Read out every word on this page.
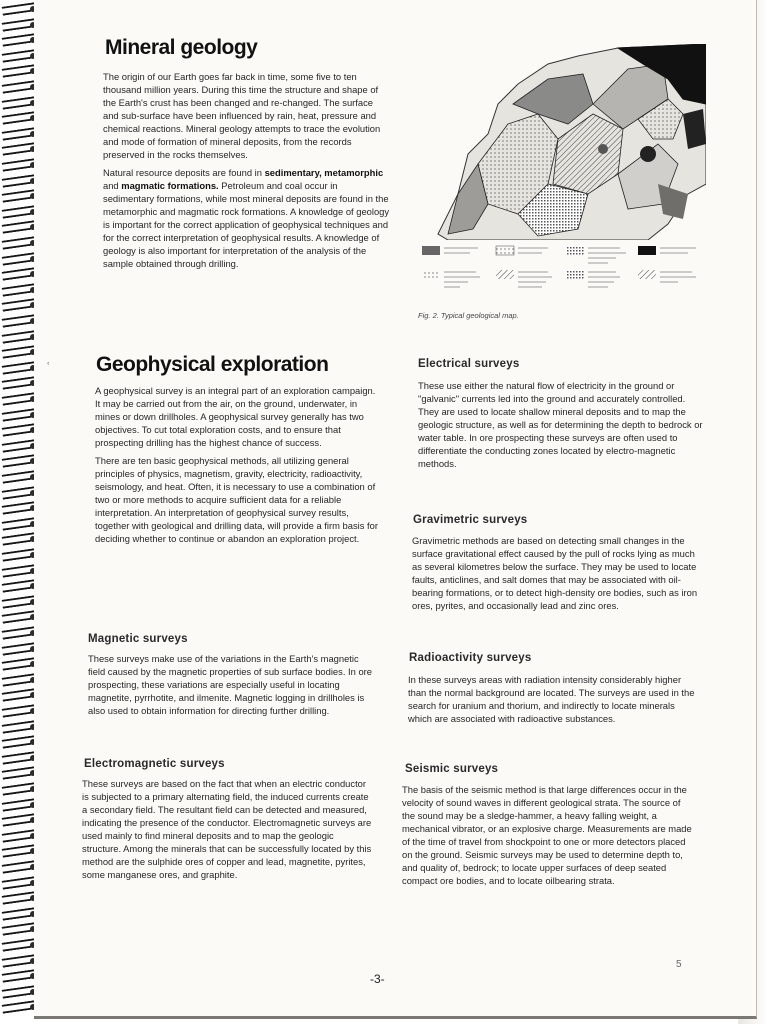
Mineral geology

The origin of our Earth goes far back in time, some five to ten thousand million years. During this time the structure and shape of the Earth's crust has been changed and re-changed. The surface and sub-surface have been influenced by rain, heat, pressure and chemical reactions. Mineral geology attempts to trace the evolution and mode of formation of mineral deposits, from the records preserved in the rocks themselves.

Natural resource deposits are found in sedimentary, metamorphic and magmatic formations. Petroleum and coal occur in sedimentary formations, while most mineral deposits are found in the metamorphic and magmatic rock formations. A knowledge of geology is important for the correct application of geophysical techniques and for the correct interpretation of geophysical results. A knowledge of geology is also important for interpretation of the analysis of the sample obtained through drilling.

Fig. 2. Typical geological map.
ʿ Geophysical exploration

A geophysical survey is an integral part of an exploration campaign. It may be carried out from the air, on the ground, underwater, in mines or down drillholes. A geophysical survey generally has two objectives. To cut total exploration costs, and to ensure that prospecting drilling has the highest chance of success.

There are ten basic geophysical methods, all utilizing general principles of physics, magnetism, gravity, electricity, radioactivity, seismology, and heat. Often, it is necessary to use a combination of two or more methods to acquire sufficient data for a reliable interpretation. An interpretation of geophysical survey results, together with geological and drilling data, will provide a firm basis for deciding whether to continue or abandon an exploration project.

Magnetic surveys
These surveys make use of the variations in the Earth's magnetic field caused by the magnetic properties of sub surface bodies. In ore prospecting, these variations are especially useful in locating magnetite, pyrrhotite, and ilmenite. Magnetic logging in drillholes is also used to obtain information for directing further drilling.
Electromagnetic surveys
These surveys are based on the fact that when an electric conductor is subjected to a primary alternating field, the induced currents create a secondary field. The resultant field can be detected and measured, indicating the presence of the conductor. Electromagnetic surveys are used mainly to find mineral deposits and to map the geologic structure. Among the minerals that can be successfully located by this method are the sulphide ores of copper and lead, magnetite, pyrites, some manganese ores, and graphite.
Electrical surveys
These use either the natural flow of electricity in the ground or "galvanic" currents led into the ground and accurately controlled. They are used to locate shallow mineral deposits and to map the geologic structure, as well as for determining the depth to bedrock or water table. In ore prospecting these surveys are often used to differentiate the conducting zones located by electro-magnetic methods.
Gravimetric surveys
Gravimetric methods are based on detecting small changes in the surface gravitational effect caused by the pull of rocks lying as much as several kilometres below the surface. They may be used to locate faults, anticlines, and salt domes that may be associated with oil-bearing formations, or to detect high-density ore bodies, such as iron ores, pyrites, and occasionally lead and zinc ores.
Radioactivity surveys
In these surveys areas with radiation intensity considerably higher than the normal background are located. The surveys are used in the search for uranium and thorium, and indirectly to locate minerals which are associated with radioactive substances.
Seismic surveys
The basis of the seismic method is that large differences occur in the velocity of sound waves in different geological strata. The source of the sound may be a sledge-hammer, a heavy falling weight, a mechanical vibrator, or an explosive charge. Measurements are made of the time of travel from shockpoint to one or more detectors placed on the ground. Seismic surveys may be used to determine depth to, and quality of, bedrock; to locate upper surfaces of deep seated compact ore bodies, and to locate oilbearing strata.
-3-
5
